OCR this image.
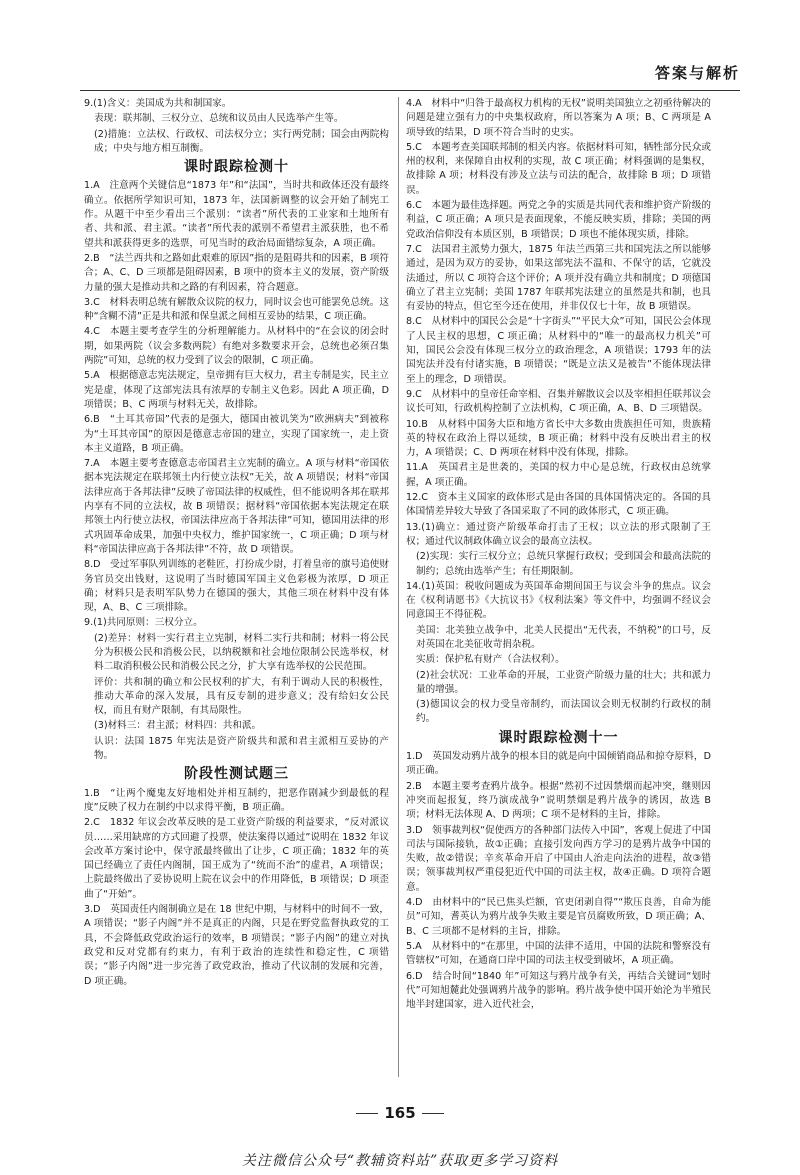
答案与解析

9.(1)含义：美国成为共和制国家。

表现：联邦制、三权分立、总统和议员由人民选举产生等。

(2)措施：立法权、行政权、司法权分立；实行两党制；国会由两院构成；中央与地方相互制衡。

课时跟踪检测十

1.A　注意两个关键信息“1873 年”和“法国”，当时共和政体还没有最终确立。依据所学知识可知，1873 年，法国新调整的议会开始了制宪工作。从题干中至少看出三个派别：“读者”所代表的工业家和土地所有者、共和派、君主派。“读者”所代表的派别不希望君主派获胜，也不希望共和派获得更多的选票，可见当时的政治局面错综复杂，A 项正确。

2.B　“法兰西共和之路如此艰难的原因”指的是阻碍共和的因素，B 项符合；A、C、D 三项都是阻碍因素，B 项中的资本主义的发展，资产阶级力量的强大是推动共和之路的有利因素，符合题意。

3.C　材料表明总统有解散众议院的权力，同时议会也可能罢免总统。这种“含糊不清”正是共和派和保皇派之间相互妥协的结果，C 项正确。

4.C　本题主要考查学生的分析理解能力。从材料中的“在会议的闭会时期，如果两院（议会多数两院）有绝对多数要求开会，总统也必须召集两院”可知，总统的权力受到了议会的限制，C 项正确。

5.A　根据德意志宪法规定，皇帝拥有巨大权力，君主专制是实，民主立宪是虚，体现了这部宪法具有浓厚的专制主义色彩。因此 A 项正确，D 项错误；B、C 两项与材料无关，故排除。

6.B　“土耳其帝国”代表的是强大，德国由被讥笑为“欧洲病夫”到被称为“土耳其帝国”的原因是德意志帝国的建立，实现了国家统一，走上资本主义道路，B 项正确。

7.A　本题主要考查德意志帝国君主立宪制的确立。A 项与材料“帝国依据本宪法规定在联邦领土内行使立法权”无关，故 A 项错误；材料“帝国法律应高于各邦法律”反映了帝国法律的权威性，但不能说明各邦在联邦内享有不同的立法权，故 B 项错误；据材料“帝国依据本宪法规定在联邦领土内行使立法权，帝国法律应高于各邦法律”可知，德国用法律的形式巩固革命成果，加强中央权力，维护国家统一，C 项正确；D 项与材料“帝国法律应高于各邦法律”不符，故 D 项错误。

8.D　受过军事队列训练的老鞋匠，打扮成少尉，打着皇帝的旗号追使财务官员交出钱财，这说明了当时德国军国主义色彩极为浓厚，D 项正确；材料只是表明军队势力在德国的强大，其他三项在材料中没有体现，A、B、C 三项排除。

9.(1)共同原则：三权分立。

(2)差异：材料一实行君主立宪制，材料二实行共和制；材料一将公民分为积极公民和消极公民，以纳税额和社会地位限制公民选举权，材料二取消积极公民和消极公民之分，扩大享有选举权的公民范围。

评价：共和制的确立和公民权利的扩大，有利于调动人民的积极性，推动大革命的深入发展，具有反专制的进步意义；没有给妇女公民权，而且有财产限制，有其局限性。

(3)材料三：君主派；材料四：共和派。

认识：法国 1875 年宪法是资产阶级共和派和君主派相互妥协的产物。

阶段性测试题三

1.B　“让两个魔鬼友好地相处并相互制约，把恶作剧减少到最低的程度”反映了权力在制约中以求得平衡，B 项正确。

2.C　1832 年议会改革反映的是工业资产阶级的利益要求，“反对派议员……采用缺席的方式回避了投票，使法案得以通过”说明在 1832 年议会改革方案讨论中，保守派最终做出了让步，C 项正确；1832 年的英国已经确立了责任内阁制，国王成为了“统而不治”的虚君，A 项错误；上院最终做出了妥协说明上院在议会中的作用降低，B 项错误；D 项歪曲了“开始”。

3.D　英国责任内阁制确立是在 18 世纪中期，与材料中的时间不一致，A 项错误；“影子内阁”并不是真正的内阁，只是在野党监督执政党的工具，不会降低政党政治运行的效率，B 项错误；“影子内阁”的建立对执政党和反对党都有约束力，有利于政治的连续性和稳定性，C 项错误；“影子内阁”进一步完善了政党政治，推动了代议制的发展和完善，D 项正确。

4.A　材料中“归咎于最高权力机构的无权”说明美国独立之初亟待解决的问题是建立强有力的中央集权政府，所以答案为 A 项；B、C 两项是 A 项导致的结果，D 项不符合当时的史实。

5.C　本题考查美国联邦制的相关内容。依据材料可知，牺牲部分民众或州的权利，来保障自由权利的实现，故 C 项正确；材料强调的是集权，故排除 A 项；材料没有涉及立法与司法的配合，故排除 B 项；D 项错误。

6.C　本题为最佳选择题。两党之争的实质是共同代表和维护资产阶级的利益，C 项正确；A 项只是表面现象，不能反映实质，排除；美国的两党政治信仰没有本质区别，B 项错误；D 项也不能体现实质，排除。

7.C　法国君主派势力强大，1875 年法兰西第三共和国宪法之所以能够通过，是因为双方的妥协，如果这部宪法不温和、不保守的话，它就没法通过，所以 C 项符合这个评价；A 项并没有确立共和制度；D 项德国确立了君主立宪制；美国 1787 年联邦宪法建立的虽然是共和制，也具有妥协的特点，但它至今还在使用，并非仅仅七十年，故 B 项错误。

8.C　从材料中的国民公会是“十字街头”“平民大众”可知，国民公会体现了人民主权的思想，C 项正确；从材料中的“唯一的最高权力机关”可知，国民公会没有体现三权分立的政治理念，A 项错误；1793 年的法国宪法并没有付诸实施，B 项错误；“既是立法又是被告”不能体现法律至上的理念，D 项错误。

9.C　从材料中的皇帝任命宰相、召集并解散议会以及宰相担任联邦议会议长可知，行政机构控制了立法机构，C 项正确，A、B、D 三项错误。

10.B　从材料中国务大臣和地方省长中大多数由贵族担任可知，贵族精英的特权在政治上得以延续，B 项正确；材料中没有反映出君主的权力，A 项错误；C、D 两项在材料中没有体现，排除。

11.A　英国君主是世袭的，美国的权力中心是总统，行政权由总统掌握，A 项正确。

12.C　资本主义国家的政体形式是由各国的具体国情决定的。各国的具体国情差异较大导致了各国采取了不同的政体形式，C 项正确。

13.(1)确立：通过资产阶级革命打击了王权；以立法的形式限制了王权；通过代议制政体确立议会的最高立法权。

(2)实现：实行三权分立；总统只掌握行政权；受到国会和最高法院的制约；总统由选举产生；有任期限制。

14.(1)英国：税收问题成为英国革命期间国王与议会斗争的焦点。议会在《权利请愿书》《大抗议书》《权利法案》等文件中，均强调不经议会同意国王不得征税。

美国：北美独立战争中，北美人民提出“无代表，不纳税”的口号，反对英国在北美征收苛捐杂税。

实质：保护私有财产（合法权利）。

(2)社会状况：工业革命的开展，工业资产阶级力量的壮大；共和派力量的增强。

(3)德国议会的权力受皇帝制约，而法国议会则无权制约行政权的制约。

课时跟踪检测十一

1.D　英国发动鸦片战争的根本目的就是向中国倾销商品和掠夺原料，D 项正确。

2.B　本题主要考查鸦片战争。根据“然初不过因禁烟而起冲突，继则因冲突而起报复，终乃演成战争”说明禁烟是鸦片战争的诱因，故选 B 项；材料无法体现 A、D 两项；C 项不是材料的主旨，排除。

3.D　领事裁判权“促使西方的各种部门法传入中国”，客观上促进了中国司法与国际接轨，故①正确；直接引发向西方学习的是鸦片战争中国的失败，故②错误；辛亥革命开启了中国由人治走向法治的进程，故③错误；领事裁判权严重侵犯近代中国的司法主权，故④正确。D 项符合题意。

4.D　由材料中的“民已焦头烂额，官吏闭剥自得”“欺压良善，自命为能员”可知，耆英认为鸦片战争失败主要是官员腐败所致，D 项正确；A、B、C 三项都不是材料的主旨，排除。

5.A　从材料中的“在那里，中国的法律不适用，中国的法院和警察没有管辖权”可知，在通商口岸中国的司法主权受到破坏，A 项正确。

6.D　结合时间“1840 年”可知这与鸦片战争有关，再结合关键词“划时代”可知旭麓此处强调鸦片战争的影响。鸦片战争使中国开始沦为半殖民地半封建国家，进入近代社会，

165
关注微信公众号“教辅资料站”获取更多学习资料
